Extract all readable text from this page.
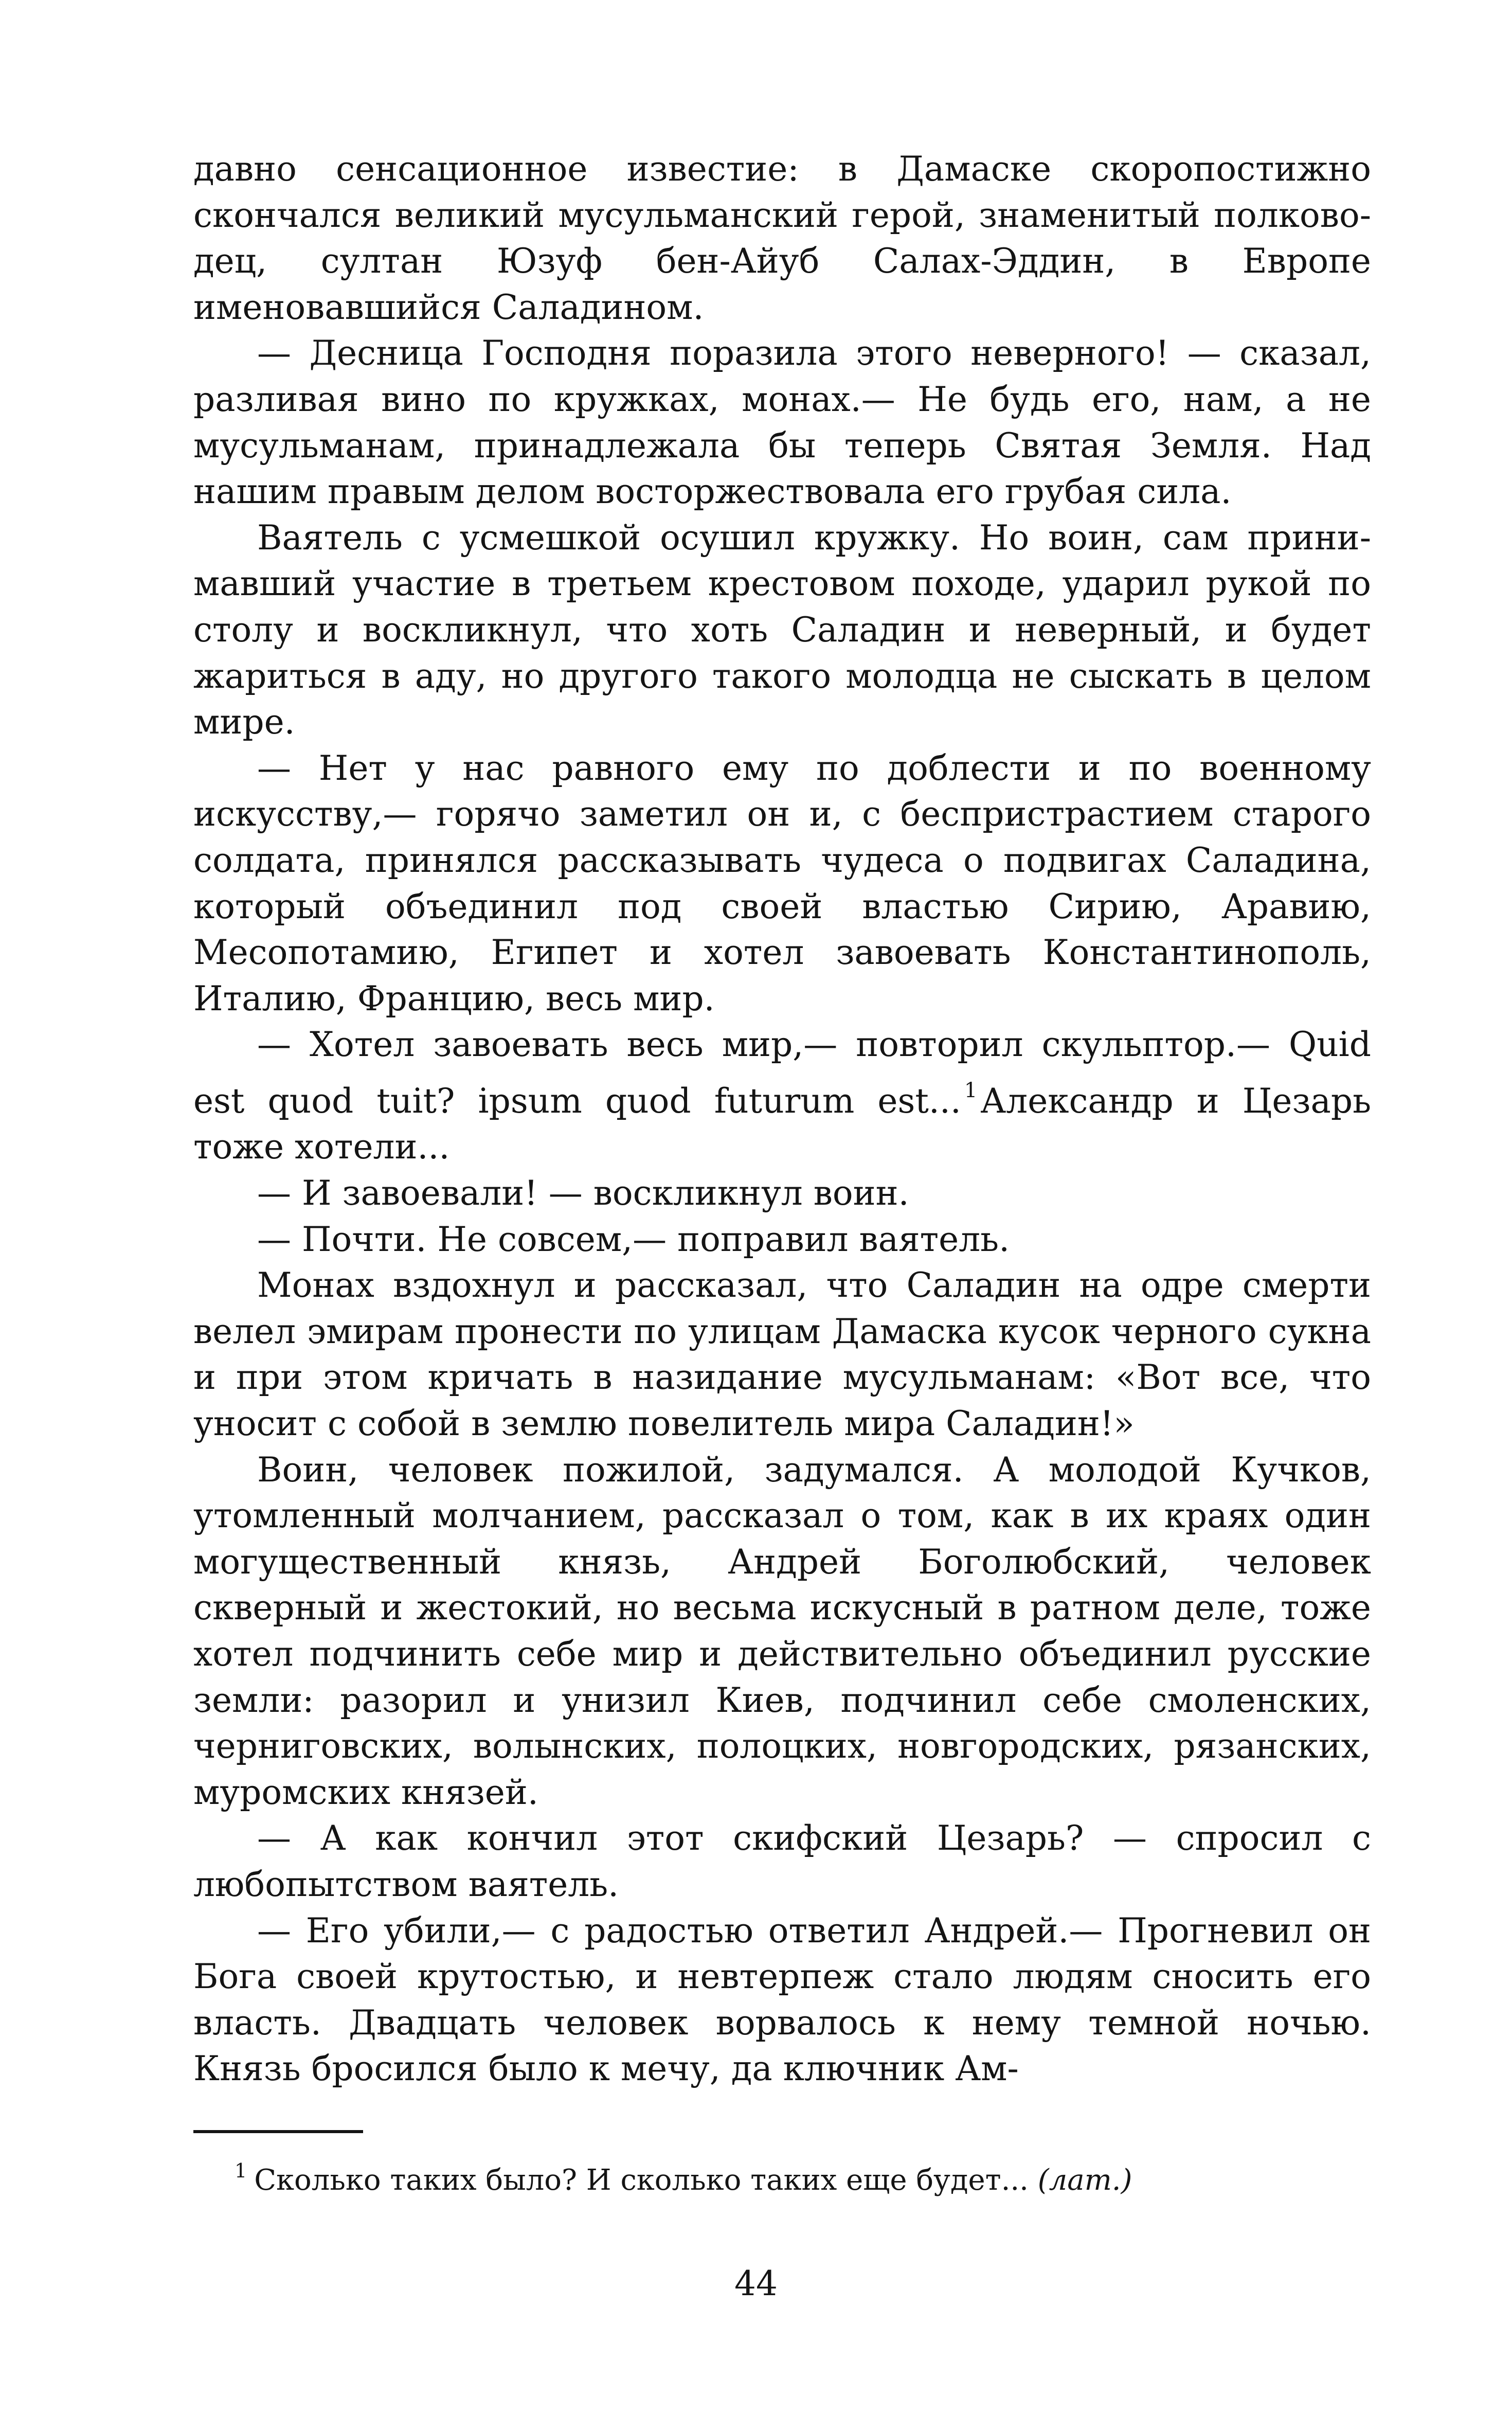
давно сенсационное известие: в Дамаске скоропостижно скончался великий мусульманский герой, знаменитый полководец, султан Юзуф бен-Айуб Салах-Эддин, в Европе именовавшийся Саладином.

— Десница Господня поразила этого неверного! — сказал, разливая вино по кружках, монах.— Не будь его, нам, а не мусульманам, принадлежала бы теперь Святая Земля. Над нашим правым делом восторжествовала его грубая сила.

Ваятель с усмешкой осушил кружку. Но воин, сам принимавший участие в третьем крестовом походе, ударил рукой по столу и воскликнул, что хоть Саладин и неверный, и будет жариться в аду, но другого такого молодца не сыскать в целом мире.

— Нет у нас равного ему по доблести и по военному искусству,— горячо заметил он и, с беспристрастием старого солдата, принялся рассказывать чудеса о подвигах Саладина, который объединил под своей властью Сирию, Аравию, Месопотамию, Египет и хотел завоевать Константинополь, Италию, Францию, весь мир.

— Хотел завоевать весь мир,— повторил скульптор.— Quid est quod tuit? ipsum quod futurum est... $^1$Александр и Цезарь тоже хотели...

— И завоевали! — воскликнул воин.

— Почти. Не совсем,— поправил ваятель.

Монах вздохнул и рассказал, что Саладин на одре смерти велел эмирам пронести по улицам Дамаска кусок черного сукна и при этом кричать в назидание мусульманам: «Вот все, что уносит с собой в землю повелитель мира Саладин!»

Воин, человек пожилой, задумался. А молодой Кучков, утомленный молчанием, рассказал о том, как в их краях один могущественный князь, Андрей Боголюбский, человек скверный и жестокий, но весьма искусный в ратном деле, тоже хотел подчинить себе мир и действительно объединил русские земли: разорил и унизил Киев, подчинил себе смоленских, черниговских, волынских, полоцких, новгородских, рязанских, муромских князей.

— А как кончил этот скифский Цезарь? — спросил с любопытством ваятель.

— Его убили,— с радостью ответил Андрей.— Прогневил он Бога своей крутостью, и невтерпеж стало людям сносить его власть. Двадцать человек ворвалось к нему темной ночью. Князь бросился было к мечу, да ключник Ам-

$^1$ Сколько таких было? И сколько таких еще будет... (лат.)
44
